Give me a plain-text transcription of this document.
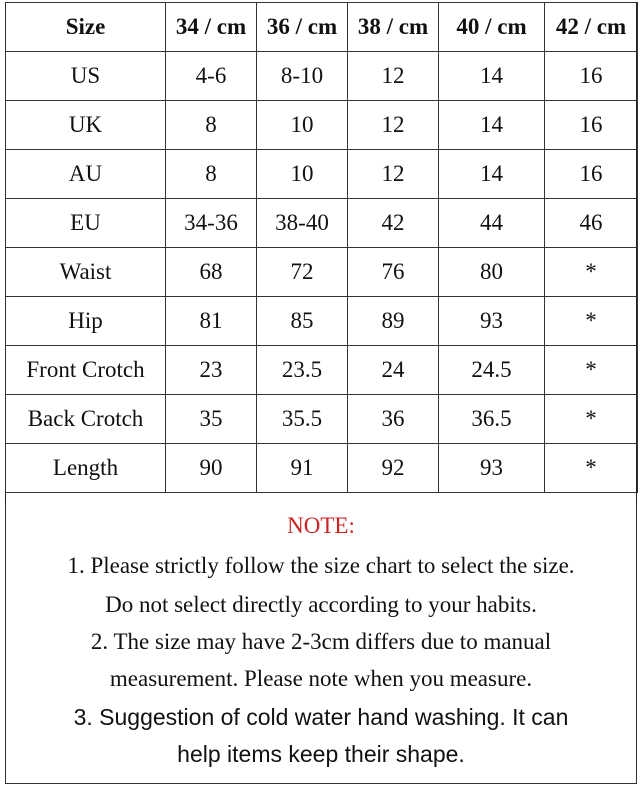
Size	34 / cm	36 / cm	38 / cm	40 / cm	42 / cm
US	4-6	8-10	12	14	16
UK	8	10	12	14	16
AU	8	10	12	14	16
EU	34-36	38-40	42	44	46
Waist	68	72	76	80	*
Hip	81	85	89	93	*
Front Crotch	23	23.5	24	24.5	*
Back Crotch	35	35.5	36	36.5	*
Length	90	91	92	93	*
NOTE:
1. Please strictly follow the size chart to select the size.
Do not select directly according to your habits.
2. The size may have 2-3cm differs due to manual
measurement. Please note when you measure.
3. Suggestion of cold water hand washing. It can
help items keep their shape.
